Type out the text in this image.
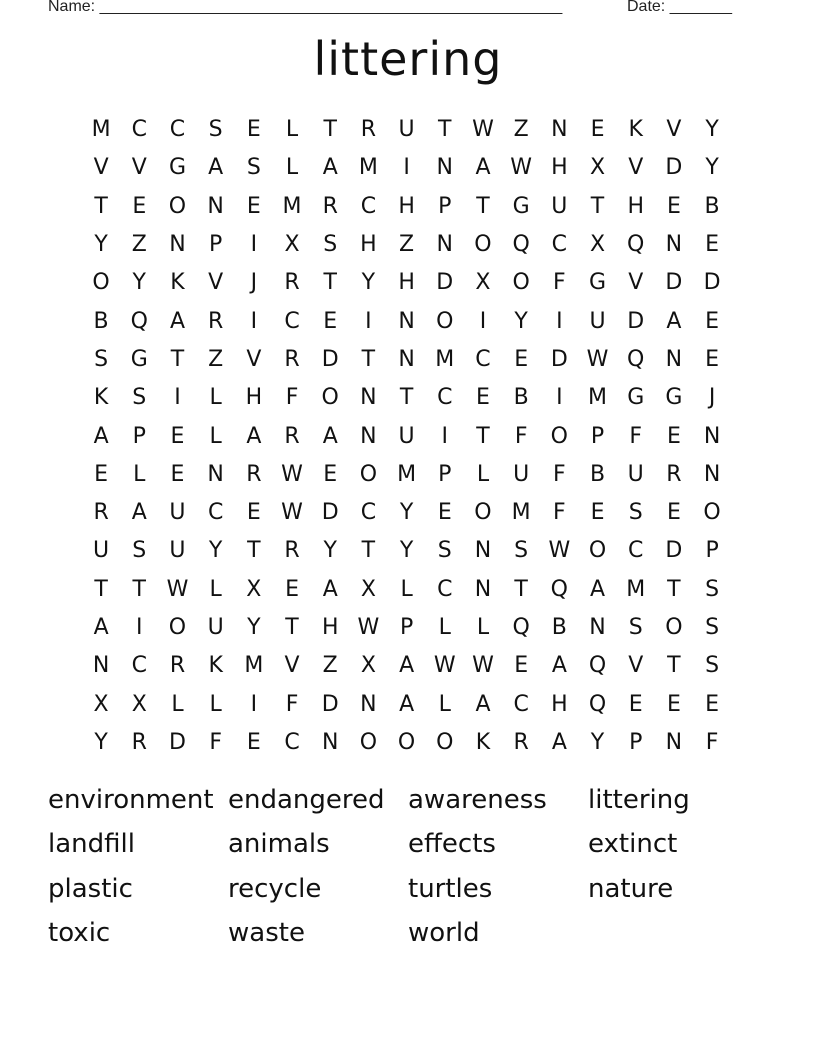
Name: ____________________________________________________	Date: _______
littering
M C	C	S	E	L	T	R	U	T W Z	N	E	K	V	Y
V	V	G	A	S	L	A M	I	N	A W H	X	V	D	Y
T	E	O N	E M R	C	H	P	T	G U	T	H	E	B
Y	Z	N	P	I	X	S	H	Z	N O Q C	X Q N	E
O	Y	K	V	J	R	T	Y	H D	X O	F	G	V	D D
B Q	A	R	I	C	E	I	N O	I	Y	I	U D	A	E
S	G	T	Z	V	R	D	T	N M C	E	D W Q N	E
K	S	I	L	H	F	O N	T	C	E	B	I	M G G	J
A	P	E	L	A	R	A	N U	I	T	F	O	P	F	E	N
E	L	E	N	R W E	O M	P	L	U	F	B	U	R	N
R	A	U	C	E W D	C	Y	E	O M	F	E	S	E	O
U	S	U	Y	T	R	Y	T	Y	S	N	S W O C	D	P
T	T W L	X	E	A	X	L	C	N	T	Q	A M T	S
A	I	O U	Y	T	H W P	L	L	Q B	N	S	O	S
N	C	R	K M V	Z	X	A W W E	A Q	V	T	S
X	X	L	L	I	F	D N	A	L	A	C	H Q	E	E	E
Y	R	D	F	E	C	N O O O	K	R	A	Y	P	N	F
environment endangered awareness	littering
landfill	animals	effects	extinct
plastic	recycle	turtles	nature
toxic	waste	world
